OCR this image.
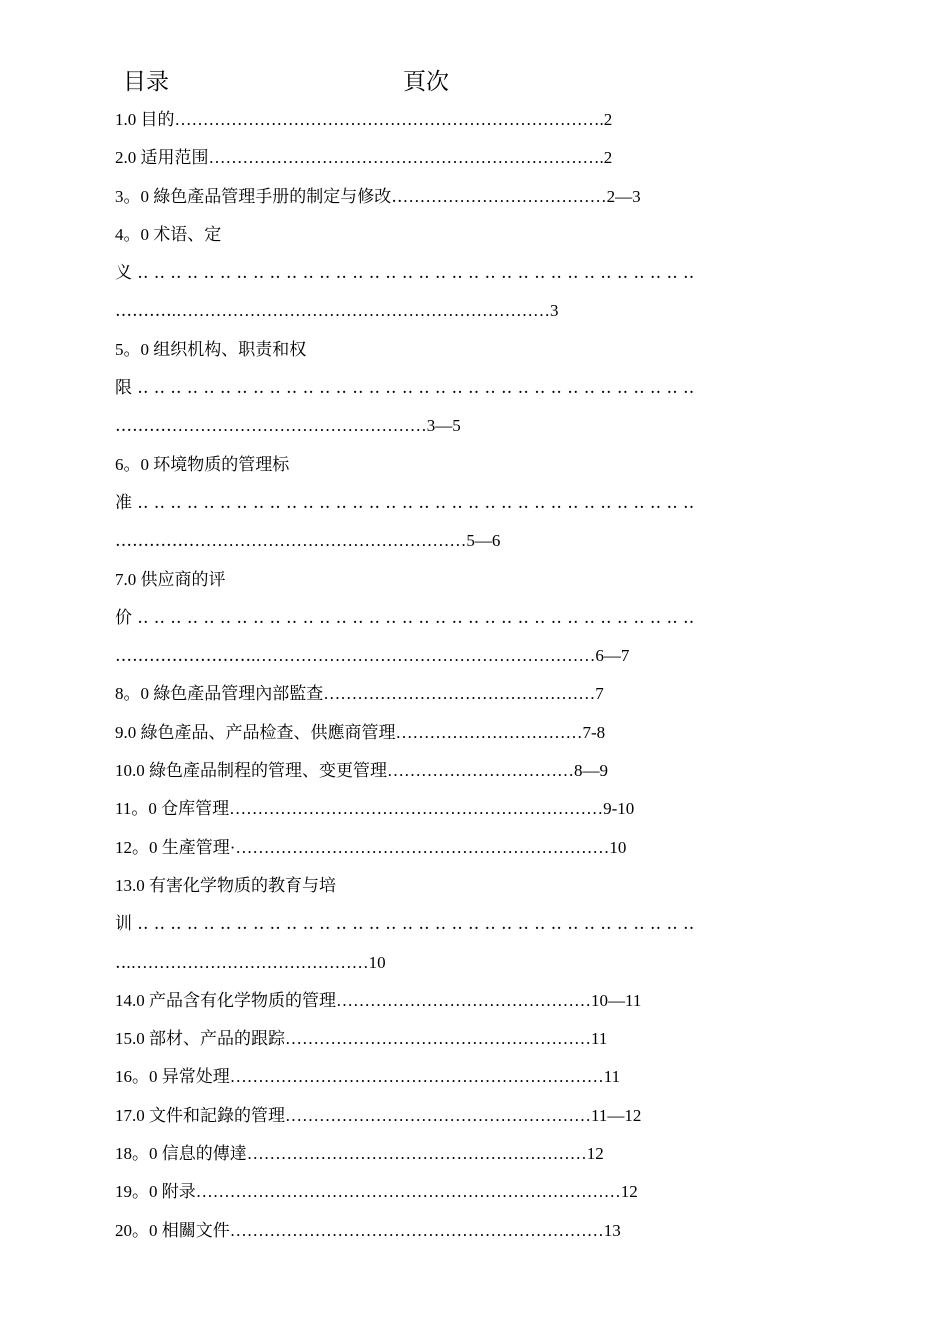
目录	頁次
1.0 目的………………………………………………………………….2
2.0 适用范围…………………………………………………………….2
3。0 綠色產品管理手册的制定与修改‥………………………………2—3
4。0 术语、定
义‥‥‥‥‥‥‥‥‥‥‥‥‥‥‥‥‥‥‥‥‥‥‥‥‥‥‥‥‥‥‥‥‥‥
‥‥‥‥‥.…………………………………………………………3
5。0 组织机构、职责和权
限‥‥‥‥‥‥‥‥‥‥‥‥‥‥‥‥‥‥‥‥‥‥‥‥‥‥‥‥‥‥‥‥‥‥
‥‥‥‥‥………………………………………3—5
6。0 环境物质的管理标
准‥‥‥‥‥‥‥‥‥‥‥‥‥‥‥‥‥‥‥‥‥‥‥‥‥‥‥‥‥‥‥‥‥‥
‥‥‥‥‥‥‥…………………………………………5—6
7.0 供应商的评
价‥‥‥‥‥‥‥‥‥‥‥‥‥‥‥‥‥‥‥‥‥‥‥‥‥‥‥‥‥‥‥‥‥‥
‥‥‥‥‥‥‥‥‥‥‥‥.……………………………………………………6—7
8。0 綠色產品管理內部監查…………………………………………7
9.0 綠色產品、产品检查、供應商管理……………………………7-8
10.0 綠色產品制程的管理、变更管理……………………………8—9
11。0 仓库管理…………………………………………………………9-10
12。0 生產管理·…………………………………………………………10
13.0 有害化学物质的教育与培
训‥‥‥‥‥‥‥‥‥‥‥‥‥‥‥‥‥‥‥‥‥‥‥‥‥‥‥‥‥‥‥‥‥‥
‥.……………………………………10
14.0 产品含有化学物质的管理………………………………………10—11
15.0 部材、产品的跟踪………………………………………………11
16。0 异常处理…………………………………………………………11
17.0 文件和記錄的管理………………………………………………11—12
18。0 信息的傳達……………………………………………………12
19。0 附录…………………………………………………………………12
20。0 相關文件…………………………………………………………13
